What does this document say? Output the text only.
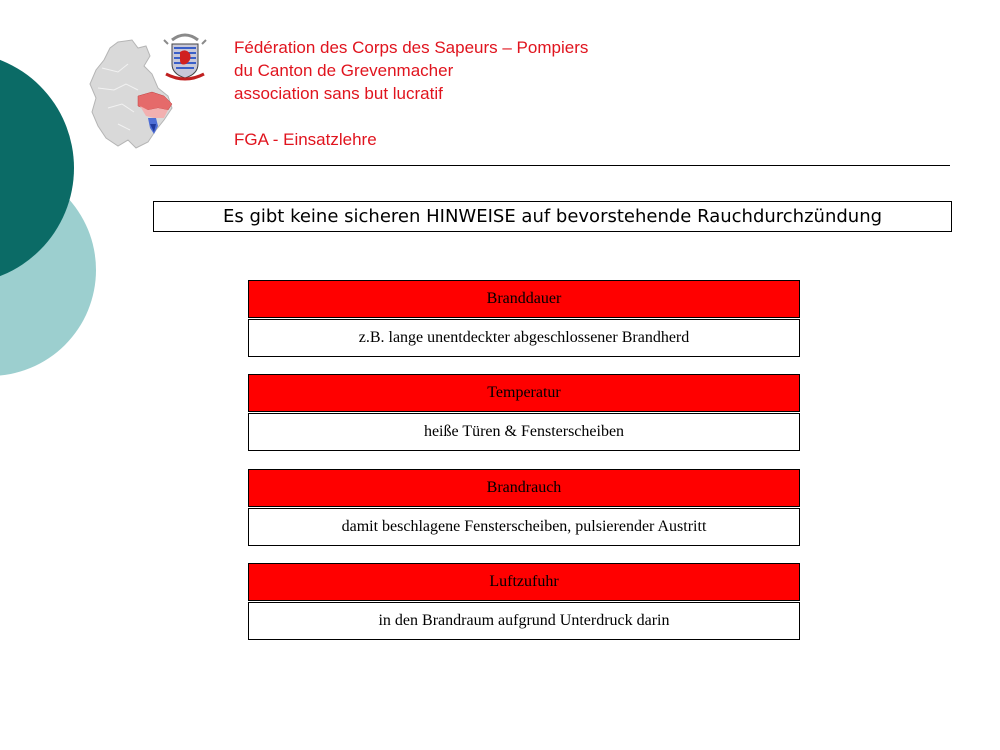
Fédération des Corps des Sapeurs – Pompiers
du Canton de Grevenmacher
association sans but lucratif
FGA - Einsatzlehre
Es gibt keine sicheren HINWEISE auf bevorstehende Rauchdurchzündung
Branddauer
z.B. lange unentdeckter abgeschlossener Brandherd
Temperatur
heiße Türen & Fensterscheiben
Brandrauch
damit beschlagene Fensterscheiben, pulsierender Austritt
Luftzufuhr
in den Brandraum aufgrund Unterdruck darin
